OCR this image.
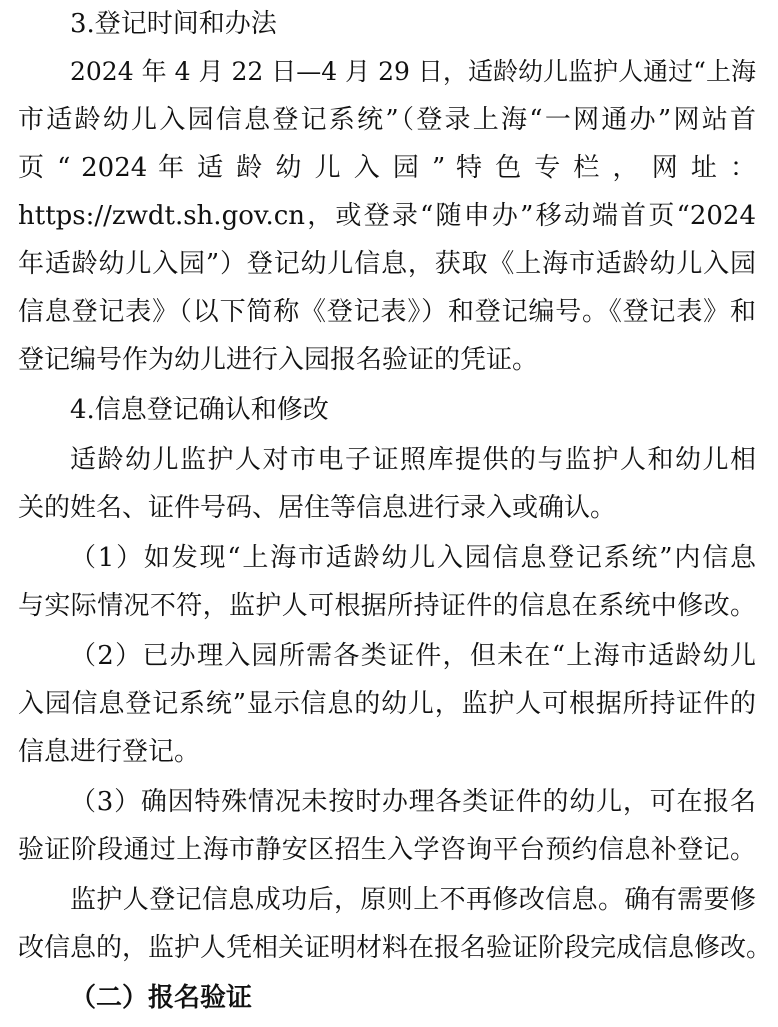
3.登记时间和办法
2024 年 4 月 22 日—4 月 29 日，适龄幼儿监护人通过“上海
市适龄幼儿入园信息登记系统”（登录上海“一网通办”网站首
页 “ 2024 年 适 龄 幼 儿 入 园 ” 特 色 专 栏 ， 网 址 ：
https://zwdt.sh.gov.cn，或登录“随申办”移动端首页“2024
年适龄幼儿入园”）登记幼儿信息，获取《上海市适龄幼儿入园
信息登记表》（以下简称《登记表》）和登记编号。《登记表》和
登记编号作为幼儿进行入园报名验证的凭证。
4.信息登记确认和修改
适龄幼儿监护人对市电子证照库提供的与监护人和幼儿相
关的姓名、证件号码、居住等信息进行录入或确认。
（1）如发现“上海市适龄幼儿入园信息登记系统”内信息
与实际情况不符，监护人可根据所持证件的信息在系统中修改。
（2）已办理入园所需各类证件，但未在“上海市适龄幼儿
入园信息登记系统”显示信息的幼儿，监护人可根据所持证件的
信息进行登记。
（3）确因特殊情况未按时办理各类证件的幼儿，可在报名
验证阶段通过上海市静安区招生入学咨询平台预约信息补登记。
监护人登记信息成功后，原则上不再修改信息。确有需要修
改信息的，监护人凭相关证明材料在报名验证阶段完成信息修改。
（二）报名验证
